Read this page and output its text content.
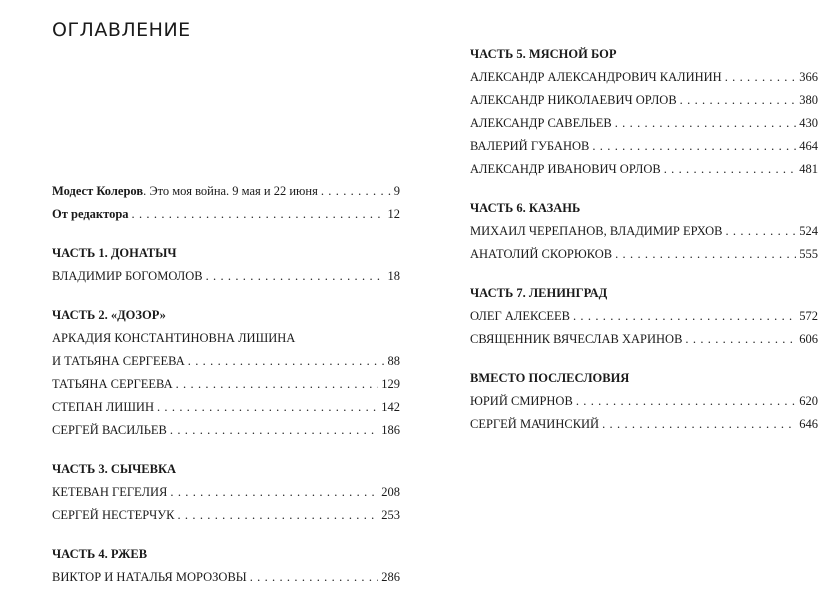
ОГЛАВЛЕНИЕ
Модест Колеров. Это моя война. 9 мая и 22 июня . . .	9
От редактора . . .	12
ЧАСТЬ 1. ДОНАТЫЧ
ВЛАДИМИР БОГОМОЛОВ . . .	18
ЧАСТЬ 2. «ДОЗОР»
АРКАДИЯ КОНСТАНТИНОВНА ЛИШИНА
И ТАТЬЯНА СЕРГЕЕВА . . .	88
ТАТЬЯНА СЕРГЕЕВА . . .	129
СТЕПАН ЛИШИН . . .	142
СЕРГЕЙ ВАСИЛЬЕВ . . .	186
ЧАСТЬ 3. СЫЧЕВКА
КЕТЕВАН ГЕГЕЛИЯ . . .	208
СЕРГЕЙ НЕСТЕРЧУК . . .	253
ЧАСТЬ 4. РЖЕВ
ВИКТОР И НАТАЛЬЯ МОРОЗОВЫ . . .	286
ЧАСТЬ 5. МЯСНОЙ БОР
АЛЕКСАНДР АЛЕКСАНДРОВИЧ КАЛИНИН . . .	366
АЛЕКСАНДР НИКОЛАЕВИЧ ОРЛОВ . . .	380
АЛЕКСАНДР САВЕЛЬЕВ . . .	430
ВАЛЕРИЙ ГУБАНОВ . . .	464
АЛЕКСАНДР ИВАНОВИЧ ОРЛОВ . . .	481
ЧАСТЬ 6. КАЗАНЬ
МИХАИЛ ЧЕРЕПАНОВ, ВЛАДИМИР ЕРХОВ . . .	524
АНАТОЛИЙ СКОРЮКОВ . . .	555
ЧАСТЬ 7. ЛЕНИНГРАД
ОЛЕГ АЛЕКСЕЕВ . . .	572
СВЯЩЕННИК ВЯЧЕСЛАВ ХАРИНОВ . . .	606
ВМЕСТО ПОСЛЕСЛОВИЯ
ЮРИЙ СМИРНОВ . . .	620
СЕРГЕЙ МАЧИНСКИЙ . . .	646
